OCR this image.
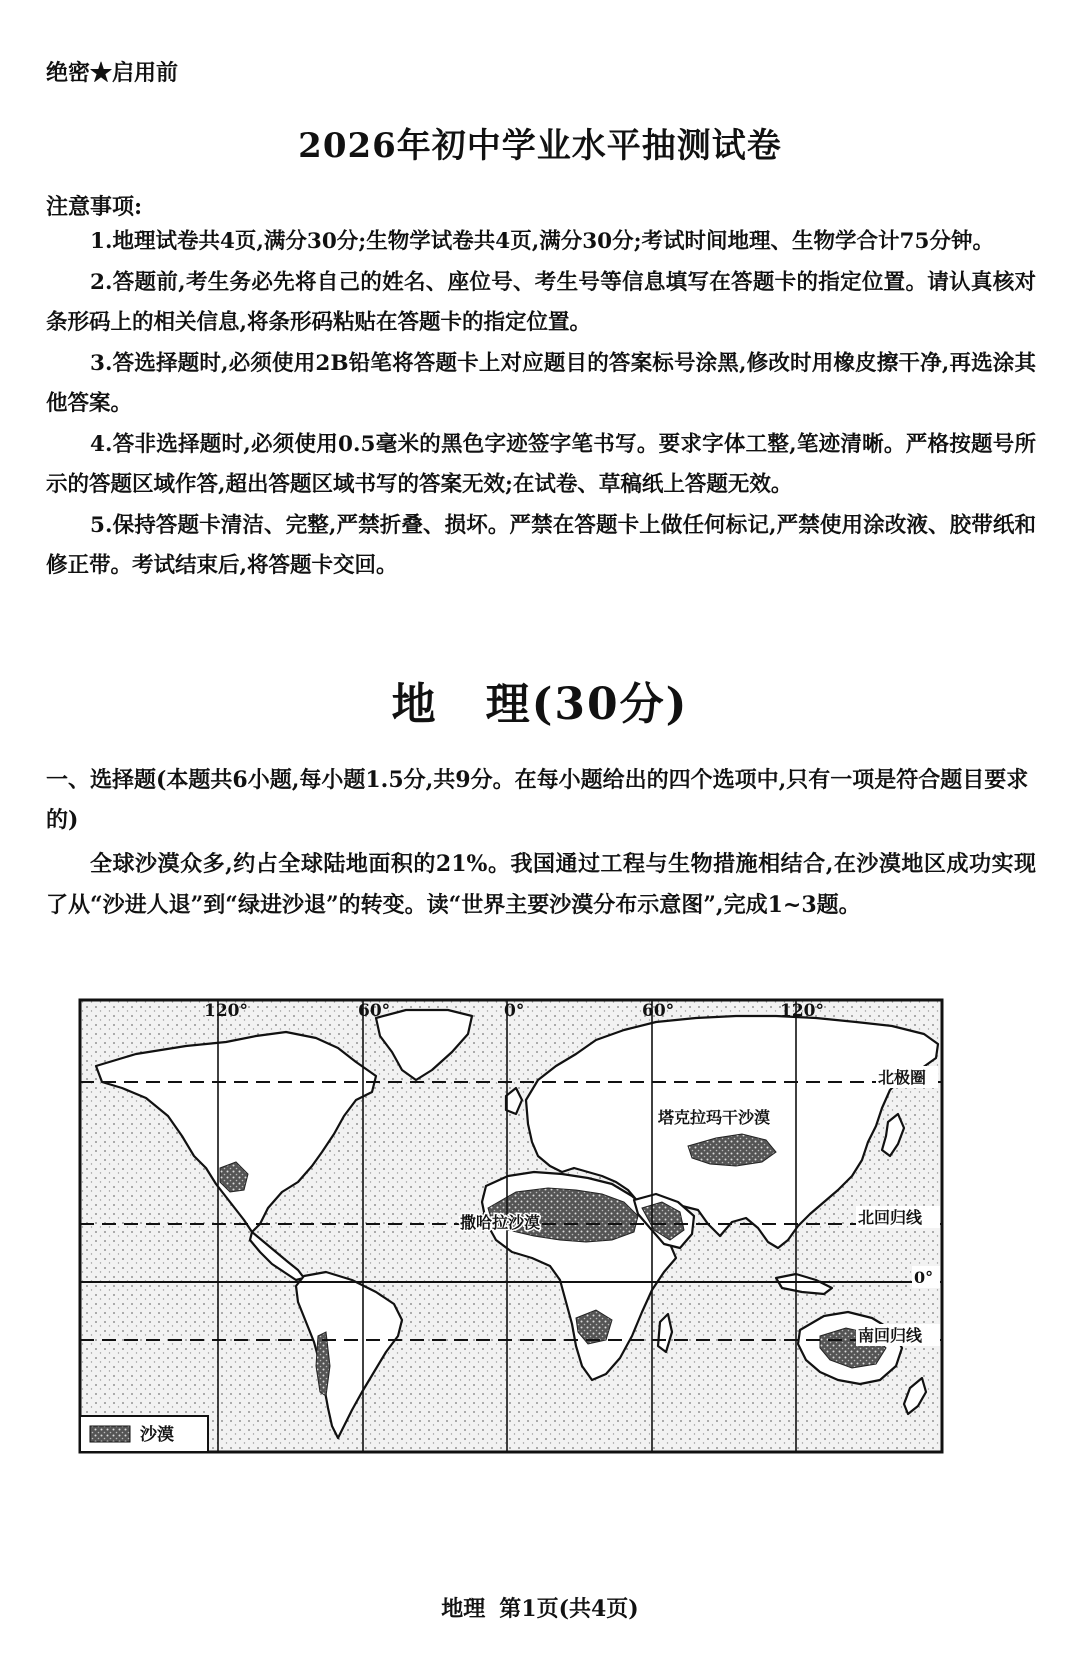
绝密★启用前
2026年初中学业水平抽测试卷
注意事项:

1.地理试卷共4页,满分30分;生物学试卷共4页,满分30分;考试时间地理、生物学合计75分钟。

2.答题前,考生务必先将自己的姓名、座位号、考生号等信息填写在答题卡的指定位置。请认真核对条形码上的相关信息,将条形码粘贴在答题卡的指定位置。

3.答选择题时,必须使用2B铅笔将答题卡上对应题目的答案标号涂黑,修改时用橡皮擦干净,再选涂其他答案。

4.答非选择题时,必须使用0.5毫米的黑色字迹签字笔书写。要求字体工整,笔迹清晰。严格按题号所示的答题区域作答,超出答题区域书写的答案无效;在试卷、草稿纸上答题无效。

5.保持答题卡清洁、完整,严禁折叠、损坏。严禁在答题卡上做任何标记,严禁使用涂改液、胶带纸和修正带。考试结束后,将答题卡交回。

地 理(30分)

一、选择题(本题共6小题,每小题1.5分,共9分。在每小题给出的四个选项中,只有一项是符合题目要求的)

全球沙漠众多,约占全球陆地面积的21%。我国通过工程与生物措施相结合,在沙漠地区成功实现了从“沙进人退”到“绿进沙退”的转变。读“世界主要沙漠分布示意图”,完成1~3题。

120°	60°	0°	60°	120°
北极圈
北回归线
0°
南回归线
塔克拉玛干沙漠
撒哈拉沙漠
沙漠
地理 第1页(共4页)
